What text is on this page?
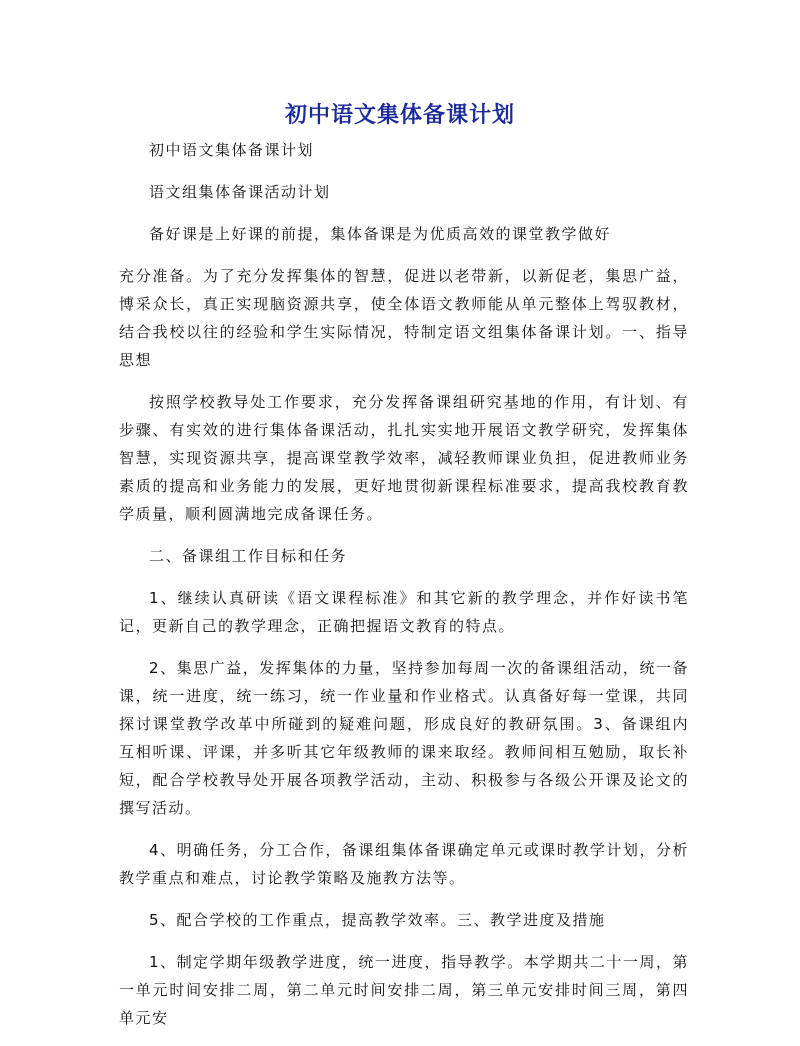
初中语文集体备课计划

初中语文集体备课计划

语文组集体备课活动计划

备好课是上好课的前提，集体备课是为优质高效的课堂教学做好

充分准备。为了充分发挥集体的智慧，促进以老带新，以新促老，集思广益，博采众长，真正实现脑资源共享，使全体语文教师能从单元整体上驾驭教材，结合我校以往的经验和学生实际情况，特制定语文组集体备课计划。一、指导思想

按照学校教导处工作要求，充分发挥备课组研究基地的作用，有计划、有步骤、有实效的进行集体备课活动，扎扎实实地开展语文教学研究，发挥集体智慧，实现资源共享，提高课堂教学效率，减轻教师课业负担，促进教师业务素质的提高和业务能力的发展，更好地贯彻新课程标准要求，提高我校教育教学质量，顺利圆满地完成备课任务。

二、备课组工作目标和任务

1、继续认真研读《语文课程标准》和其它新的教学理念，并作好读书笔记，更新自己的教学理念，正确把握语文教育的特点。

2、集思广益，发挥集体的力量，坚持参加每周一次的备课组活动，统一备课，统一进度，统一练习，统一作业量和作业格式。认真备好每一堂课，共同探讨课堂教学改革中所碰到的疑难问题，形成良好的教研氛围。3、备课组内互相听课、评课，并多听其它年级教师的课来取经。教师间相互勉励，取长补短，配合学校教导处开展各项教学活动，主动、积极参与各级公开课及论文的撰写活动。

4、明确任务，分工合作，备课组集体备课确定单元或课时教学计划，分析教学重点和难点，讨论教学策略及施教方法等。

5、配合学校的工作重点，提高教学效率。三、教学进度及措施

1、制定学期年级教学进度，统一进度，指导教学。本学期共二十一周，第一单元时间安排二周，第二单元时间安排二周，第三单元安排时间三周，第四单元安
